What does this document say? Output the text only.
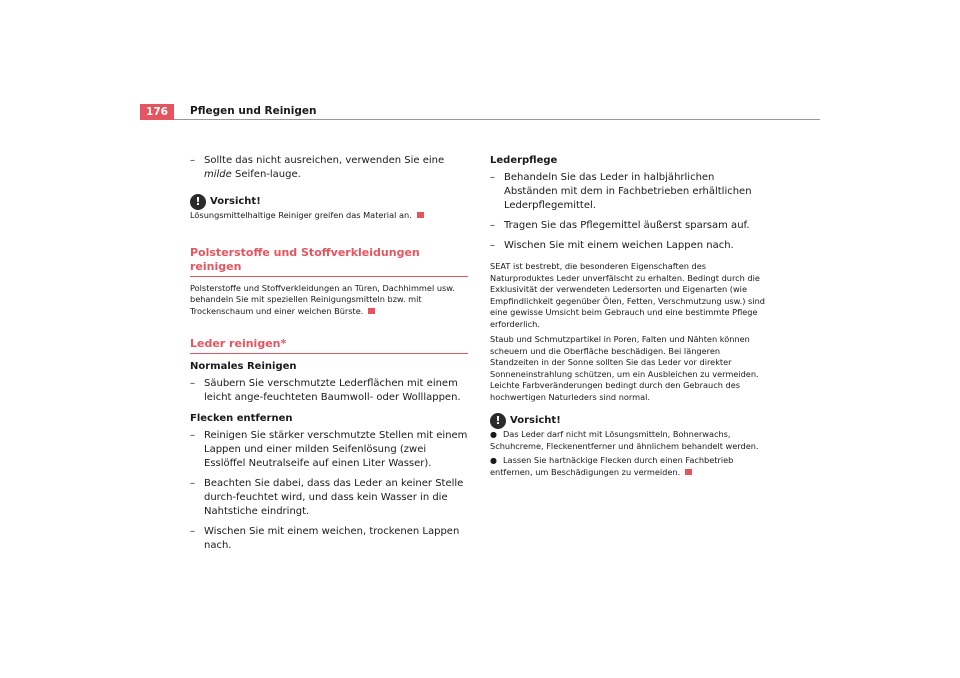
176	Pflegen und Reinigen

– Sollte das nicht ausreichen, verwenden Sie eine milde Seifen-lauge.

! Vorsicht!

Lösungsmittelhaltige Reiniger greifen das Material an.

Polsterstoffe und Stoffverkleidungen reinigen

Polsterstoffe und Stoffverkleidungen an Türen, Dachhimmel usw. behandeln Sie mit speziellen Reinigungsmitteln bzw. mit Trockenschaum und einer weichen Bürste.

Leder reinigen*

Normales Reinigen

– Säubern Sie verschmutzte Lederflächen mit einem leicht ange-feuchteten Baumwoll- oder Wolllappen.

Flecken entfernen

– Reinigen Sie stärker verschmutzte Stellen mit einem Lappen und einer milden Seifenlösung (zwei Esslöffel Neutralseife auf einen Liter Wasser).

– Beachten Sie dabei, dass das Leder an keiner Stelle durch-feuchtet wird, und dass kein Wasser in die Nahtstiche eindringt.

– Wischen Sie mit einem weichen, trockenen Lappen nach.

Lederpflege

– Behandeln Sie das Leder in halbjährlichen Abständen mit dem in Fachbetrieben erhältlichen Lederpflegemittel.

– Tragen Sie das Pflegemittel äußerst sparsam auf.

– Wischen Sie mit einem weichen Lappen nach.

SEAT ist bestrebt, die besonderen Eigenschaften des Naturproduktes Leder unverfälscht zu erhalten. Bedingt durch die Exklusivität der verwendeten Ledersorten und Eigenarten (wie Empfindlichkeit gegenüber Ölen, Fetten, Verschmutzung usw.) sind eine gewisse Umsicht beim Gebrauch und eine bestimmte Pflege erforderlich.

Staub und Schmutzpartikel in Poren, Falten und Nähten können scheuern und die Oberfläche beschädigen. Bei längeren Standzeiten in der Sonne sollten Sie das Leder vor direkter Sonneneinstrahlung schützen, um ein Ausbleichen zu vermeiden. Leichte Farbveränderungen bedingt durch den Gebrauch des hochwertigen Naturleders sind normal.

! Vorsicht!

● Das Leder darf nicht mit Lösungsmitteln, Bohnerwachs, Schuhcreme, Fleckenentferner und ähnlichem behandelt werden.

● Lassen Sie hartnäckige Flecken durch einen Fachbetrieb entfernen, um Beschädigungen zu vermeiden.
